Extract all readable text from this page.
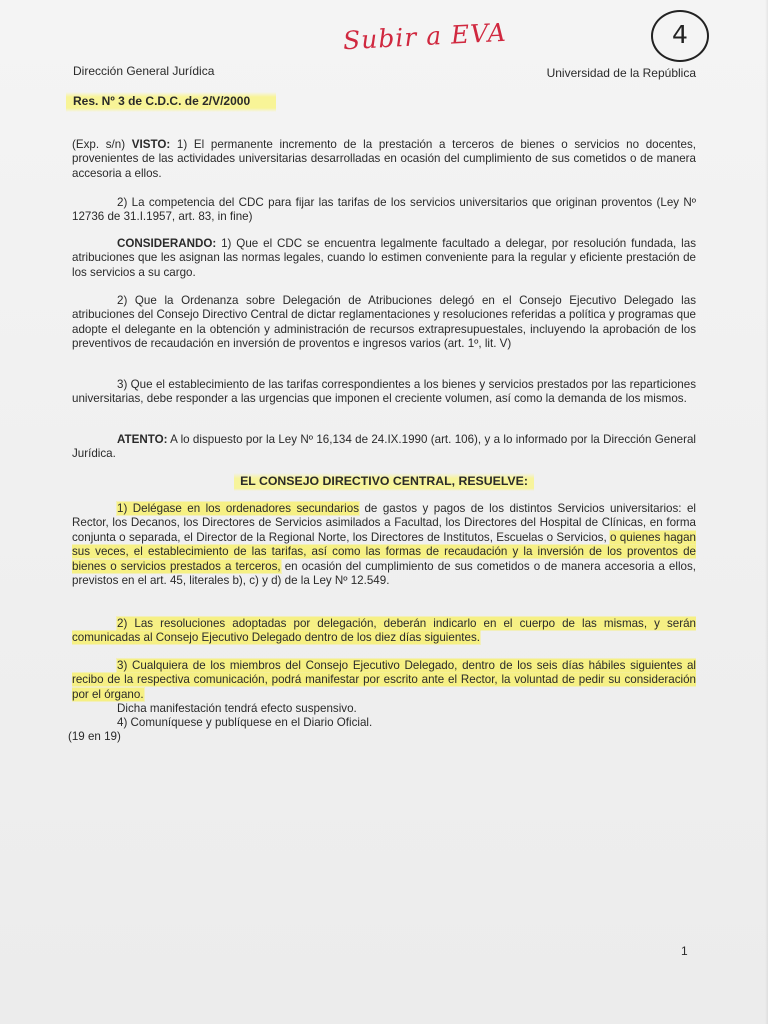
Subir a EVA	4
Dirección General Jurídica	Universidad de la República
Res. Nº 3 de C.D.C. de 2/V/2000

(Exp. s/n) VISTO: 1) El permanente incremento de la prestación a terceros de bienes o servicios no docentes, provenientes de las actividades universitarias desarrolladas en ocasión del cumplimiento de sus cometidos o de manera accesoria a ellos.

2) La competencia del CDC para fijar las tarifas de los servicios universitarios que originan proventos (Ley Nº 12736 de 31.I.1957, art. 83, in fine)

CONSIDERANDO: 1) Que el CDC se encuentra legalmente facultado a delegar, por resolución fundada, las atribuciones que les asignan las normas legales, cuando lo estimen conveniente para la regular y eficiente prestación de los servicios a su cargo.

2) Que la Ordenanza sobre Delegación de Atribuciones delegó en el Consejo Ejecutivo Delegado las atribuciones del Consejo Directivo Central de dictar reglamentaciones y resoluciones referidas a política y programas que adopte el delegante en la obtención y administración de recursos extrapresupuestales, incluyendo la aprobación de los preventivos de recaudación en inversión de proventos e ingresos varios (art. 1º, lit. V)

3) Que el establecimiento de las tarifas correspondientes a los bienes y servicios prestados por las reparticiones universitarias, debe responder a las urgencias que imponen el creciente volumen, así como la demanda de los mismos.

ATENTO: A lo dispuesto por la Ley Nº 16,134 de 24.IX.1990 (art. 106), y a lo informado por la Dirección General Jurídica.

EL CONSEJO DIRECTIVO CENTRAL, RESUELVE:

1) Delégase en los ordenadores secundarios de gastos y pagos de los distintos Servicios universitarios: el Rector, los Decanos, los Directores de Servicios asimilados a Facultad, los Directores del Hospital de Clínicas, en forma conjunta o separada, el Director de la Regional Norte, los Directores de Institutos, Escuelas o Servicios, o quienes hagan sus veces, el establecimiento de las tarifas, así como las formas de recaudación y la inversión de los proventos de bienes o servicios prestados a terceros, en ocasión del cumplimiento de sus cometidos o de manera accesoria a ellos, previstos en el art. 45, literales b), c) y d) de la Ley Nº 12.549.

2) Las resoluciones adoptadas por delegación, deberán indicarlo en el cuerpo de las mismas, y serán comunicadas al Consejo Ejecutivo Delegado dentro de los diez días siguientes.

3) Cualquiera de los miembros del Consejo Ejecutivo Delegado, dentro de los seis días hábiles siguientes al recibo de la respectiva comunicación, podrá manifestar por escrito ante el Rector, la voluntad de pedir su consideración por el órgano.

Dicha manifestación tendrá efecto suspensivo.
4) Comuníquese y publíquese en el Diario Oficial.
(19 en 19)
1
